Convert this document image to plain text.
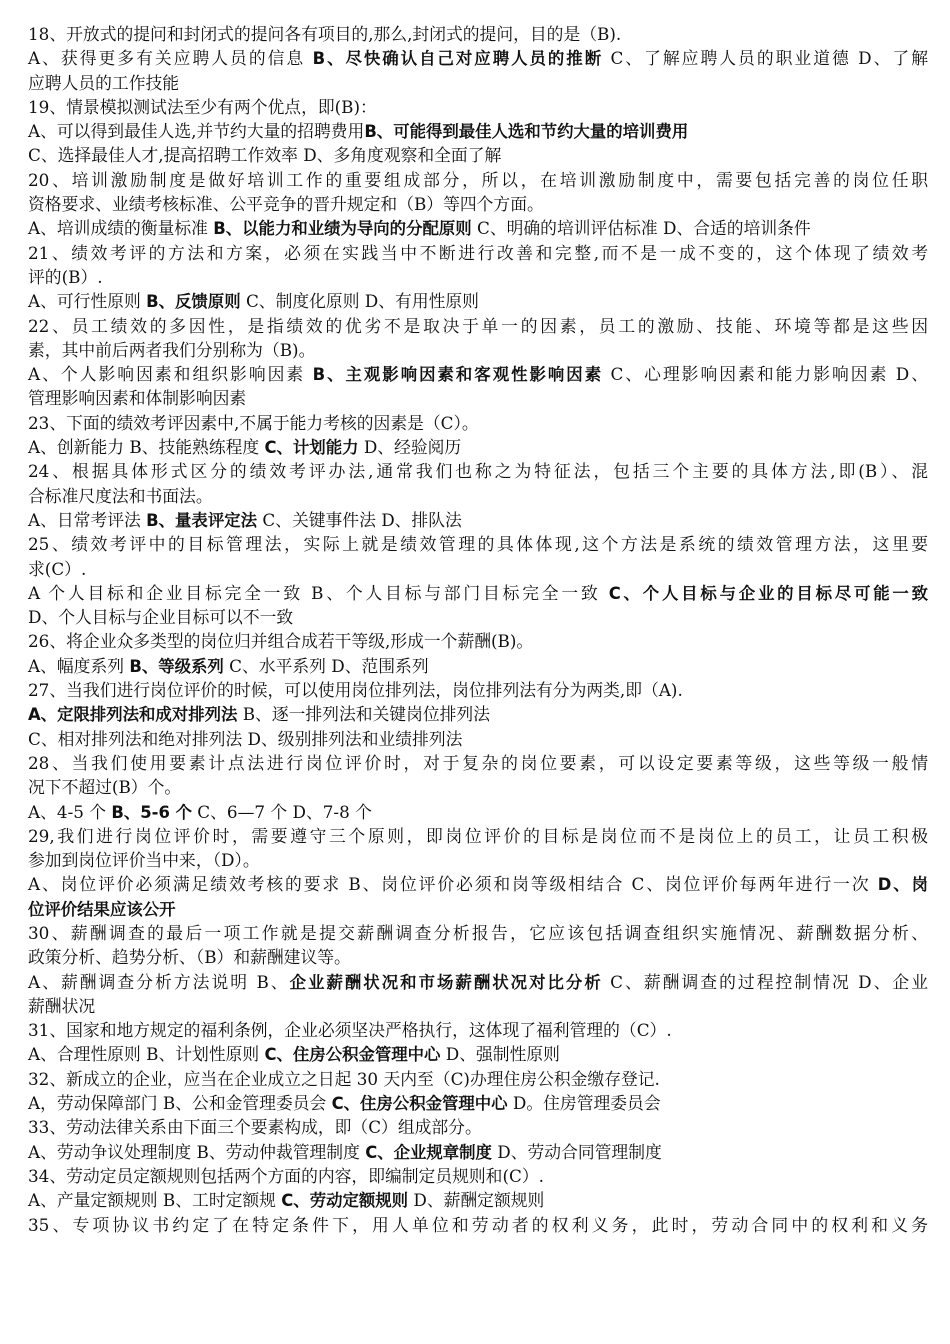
18、开放式的提问和封闭式的提问各有项目的,那么,封闭式的提问，目的是（B).
A、获得更多有关应聘人员的信息 B、尽快确认自己对应聘人员的推断 C、了解应聘人员的职业道德 D、了解
应聘人员的工作技能
19、情景模拟测试法至少有两个优点，即(B)：
A、可以得到最佳人选,并节约大量的招聘费用B、可能得到最佳人选和节约大量的培训费用
C、选择最佳人才,提高招聘工作效率 D、多角度观察和全面了解
20、培训激励制度是做好培训工作的重要组成部分，所以，在培训激励制度中，需要包括完善的岗位任职
资格要求、业绩考核标准、公平竞争的晋升规定和（B）等四个方面。
A、培训成绩的衡量标准 B、以能力和业绩为导向的分配原则 C、明确的培训评估标准 D、合适的培训条件
21、绩效考评的方法和方案，必须在实践当中不断进行改善和完整,而不是一成不变的，这个体现了绩效考
评的(B）.
A、可行性原则 B、反馈原则 C、制度化原则 D、有用性原则
22、员工绩效的多因性，是指绩效的优劣不是取决于单一的因素，员工的激励、技能、环境等都是这些因
素，其中前后两者我们分别称为（B)。
A、个人影响因素和组织影响因素 B、主观影响因素和客观性影响因素 C、心理影响因素和能力影响因素 D、
管理影响因素和体制影响因素
23、下面的绩效考评因素中,不属于能力考核的因素是（C）。
A、创新能力 B、技能熟练程度 C、计划能力 D、经验阅历
24、根据具体形式区分的绩效考评办法,通常我们也称之为特征法，包括三个主要的具体方法,即(B）、混
合标准尺度法和书面法。
A、日常考评法 B、量表评定法 C、关键事件法 D、排队法
25、绩效考评中的目标管理法，实际上就是绩效管理的具体体现,这个方法是系统的绩效管理方法，这里要
求(C）.
A 个人目标和企业目标完全一致 B、个人目标与部门目标完全一致 C、个人目标与企业的目标尽可能一致
D、个人目标与企业目标可以不一致
26、将企业众多类型的岗位归并组合成若干等级,形成一个薪酬(B)。
A、幅度系列 B、等级系列 C、水平系列 D、范围系列
27、当我们进行岗位评价的时候，可以使用岗位排列法，岗位排列法有分为两类,即（A).
A、定限排列法和成对排列法 B、逐一排列法和关键岗位排列法
C、相对排列法和绝对排列法 D、级别排列法和业绩排列法
28、当我们使用要素计点法进行岗位评价时，对于复杂的岗位要素，可以设定要素等级，这些等级一般情
况下不超过(B）个。
A、4-5 个 B、5-6 个 C、6—7 个 D、7-8 个
29,我们进行岗位评价时，需要遵守三个原则，即岗位评价的目标是岗位而不是岗位上的员工，让员工积极
参加到岗位评价当中来，（D）。
A、岗位评价必须满足绩效考核的要求 B、岗位评价必须和岗等级相结合 C、岗位评价每两年进行一次 D、岗
位评价结果应该公开
30、薪酬调查的最后一项工作就是提交薪酬调查分析报告，它应该包括调查组织实施情况、薪酬数据分析、
政策分析、趋势分析、（B）和薪酬建议等。
A、薪酬调查分析方法说明 B、企业薪酬状况和市场薪酬状况对比分析 C、薪酬调查的过程控制情况 D、企业
薪酬状况
31、国家和地方规定的福利条例，企业必须坚决严格执行，这体现了福利管理的（C）.
A、合理性原则 B、计划性原则 C、住房公积金管理中心 D、强制性原则
32、新成立的企业，应当在企业成立之日起 30 天内至（C)办理住房公积金缴存登记.
A，劳动保障部门 B、公和金管理委员会 C、住房公积金管理中心 D。住房管理委员会
33、劳动法律关系由下面三个要素构成，即（C）组成部分。
A、劳动争议处理制度 B、劳动仲裁管理制度 C、企业规章制度 D、劳动合同管理制度
34、劳动定员定额规则包括两个方面的内容，即编制定员规则和(C）.
A、产量定额规则 B、工时定额规 C、劳动定额规则 D、薪酬定额规则
35、专项协议书约定了在特定条件下，用人单位和劳动者的权利义务，此时，劳动合同中的权利和义务
